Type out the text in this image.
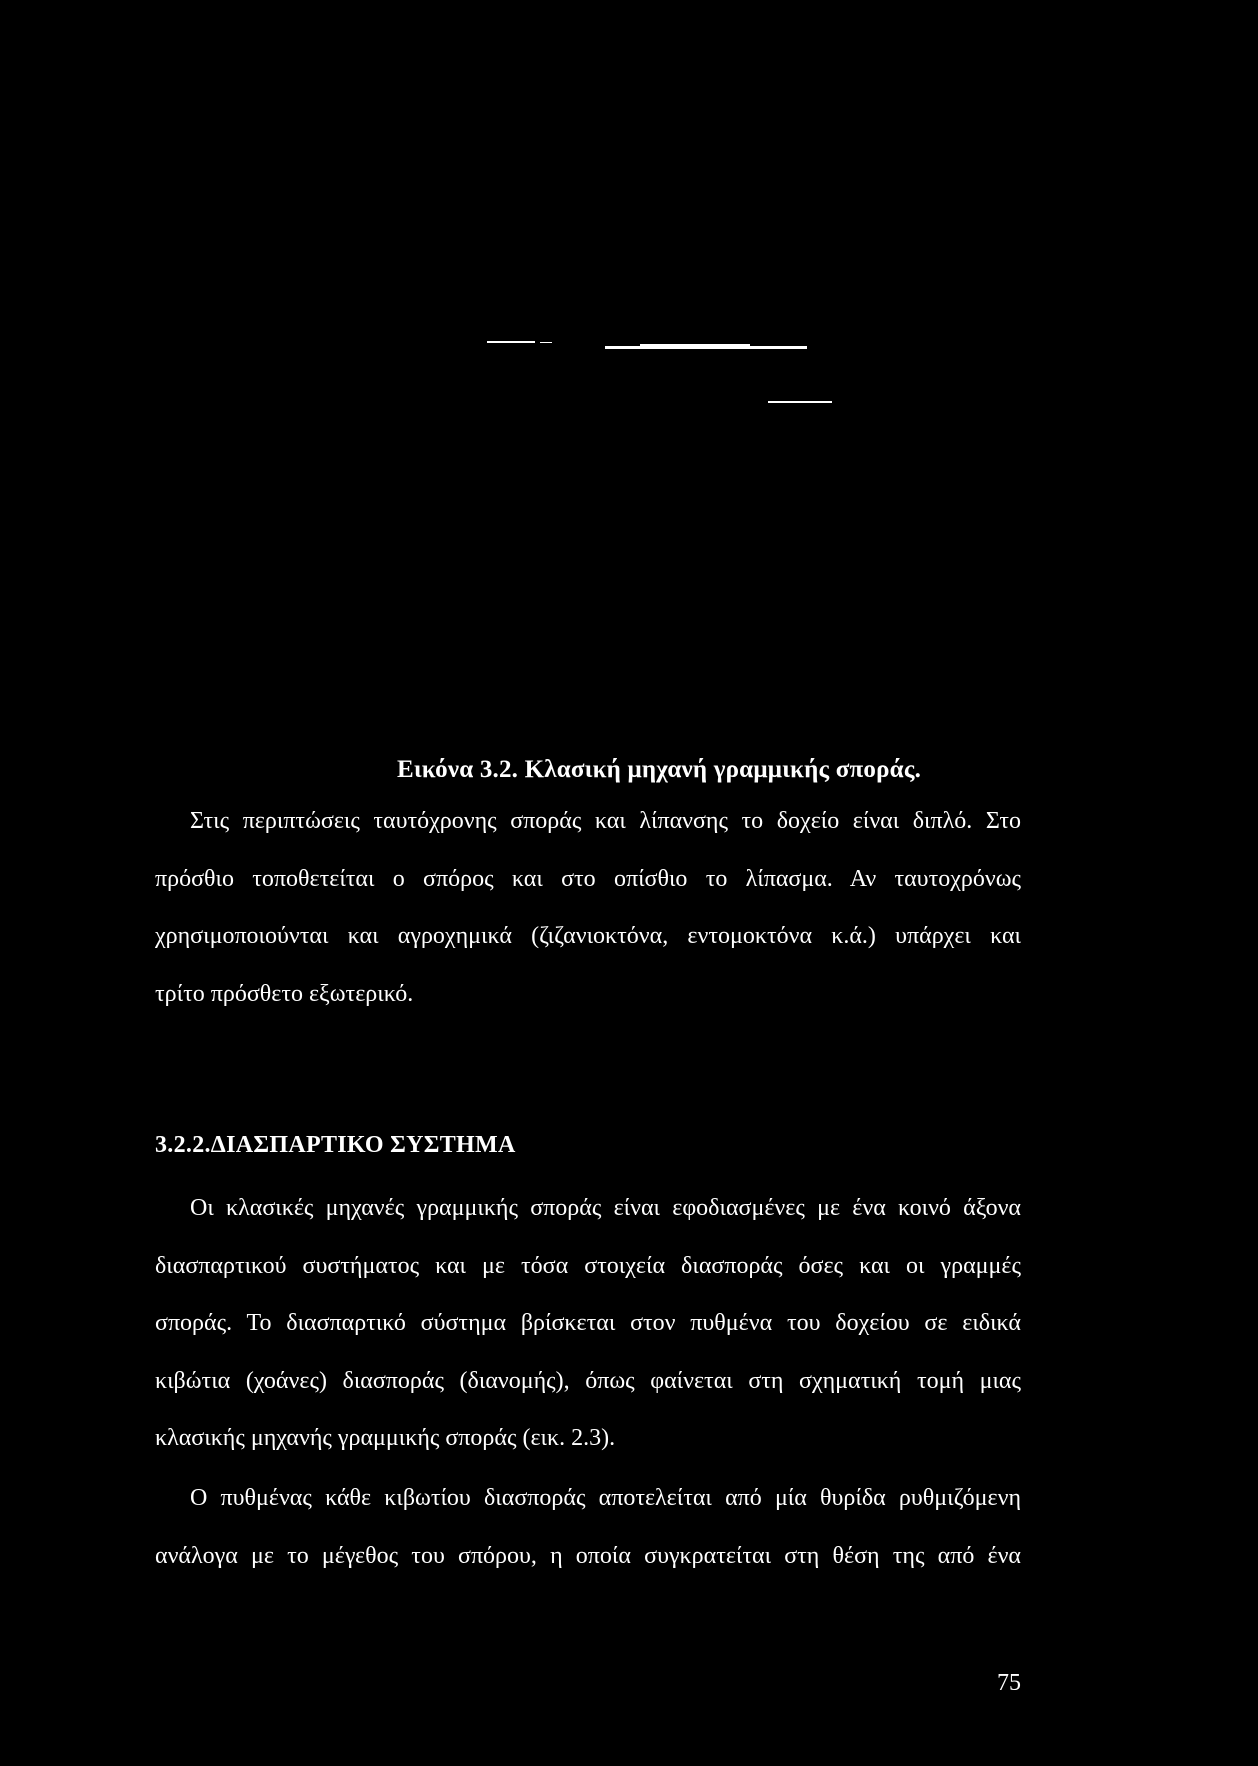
Εικόνα 3.2. Κλασική μηχανή γραμμικής σποράς.
Στις περιπτώσεις ταυτόχρονης σποράς και λίπανσης το δοχείο είναι διπλό. Στο
πρόσθιο τοποθετείται ο σπόρος και στο οπίσθιο το λίπασμα. Αν ταυτοχρόνως
χρησιμοποιούνται και αγροχημικά (ζιζανιοκτόνα, εντομοκτόνα κ.ά.) υπάρχει και
τρίτο πρόσθετο εξωτερικό.
3.2.2.ΔΙΑΣΠΑΡΤΙΚΟ ΣΥΣΤΗΜΑ
Οι κλασικές μηχανές γραμμικής σποράς είναι εφοδιασμένες με ένα κοινό άξονα
διασπαρτικού συστήματος και με τόσα στοιχεία διασποράς όσες και οι γραμμές
σποράς. Το διασπαρτικό σύστημα βρίσκεται στον πυθμένα του δοχείου σε ειδικά
κιβώτια (χοάνες) διασποράς (διανομής), όπως φαίνεται στη σχηματική τομή μιας
κλασικής μηχανής γραμμικής σποράς (εικ. 2.3).
Ο πυθμένας κάθε κιβωτίου διασποράς αποτελείται από μία θυρίδα ρυθμιζόμενη
ανάλογα με το μέγεθος του σπόρου, η οποία συγκρατείται στη θέση της από ένα
75
